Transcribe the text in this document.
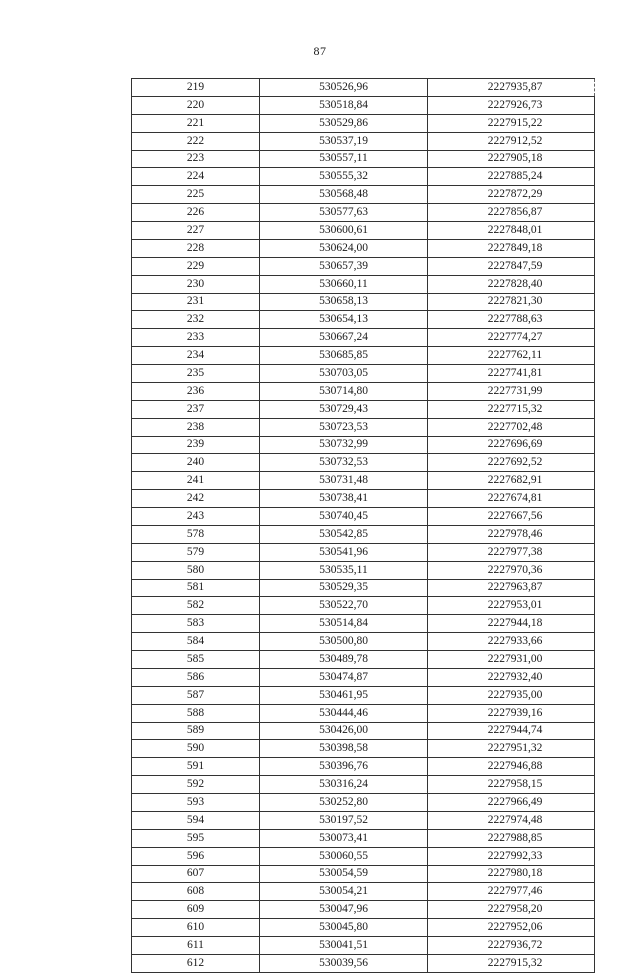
87
219	530526,96	2227935,87
220	530518,84	2227926,73
221	530529,86	2227915,22
222	530537,19	2227912,52
223	530557,11	2227905,18
224	530555,32	2227885,24
225	530568,48	2227872,29
226	530577,63	2227856,87
227	530600,61	2227848,01
228	530624,00	2227849,18
229	530657,39	2227847,59
230	530660,11	2227828,40
231	530658,13	2227821,30
232	530654,13	2227788,63
233	530667,24	2227774,27
234	530685,85	2227762,11
235	530703,05	2227741,81
236	530714,80	2227731,99
237	530729,43	2227715,32
238	530723,53	2227702,48
239	530732,99	2227696,69
240	530732,53	2227692,52
241	530731,48	2227682,91
242	530738,41	2227674,81
243	530740,45	2227667,56
578	530542,85	2227978,46
579	530541,96	2227977,38
580	530535,11	2227970,36
581	530529,35	2227963,87
582	530522,70	2227953,01
583	530514,84	2227944,18
584	530500,80	2227933,66
585	530489,78	2227931,00
586	530474,87	2227932,40
587	530461,95	2227935,00
588	530444,46	2227939,16
589	530426,00	2227944,74
590	530398,58	2227951,32
591	530396,76	2227946,88
592	530316,24	2227958,15
593	530252,80	2227966,49
594	530197,52	2227974,48
595	530073,41	2227988,85
596	530060,55	2227992,33
607	530054,59	2227980,18
608	530054,21	2227977,46
609	530047,96	2227958,20
610	530045,80	2227952,06
611	530041,51	2227936,72
612	530039,56	2227915,32
